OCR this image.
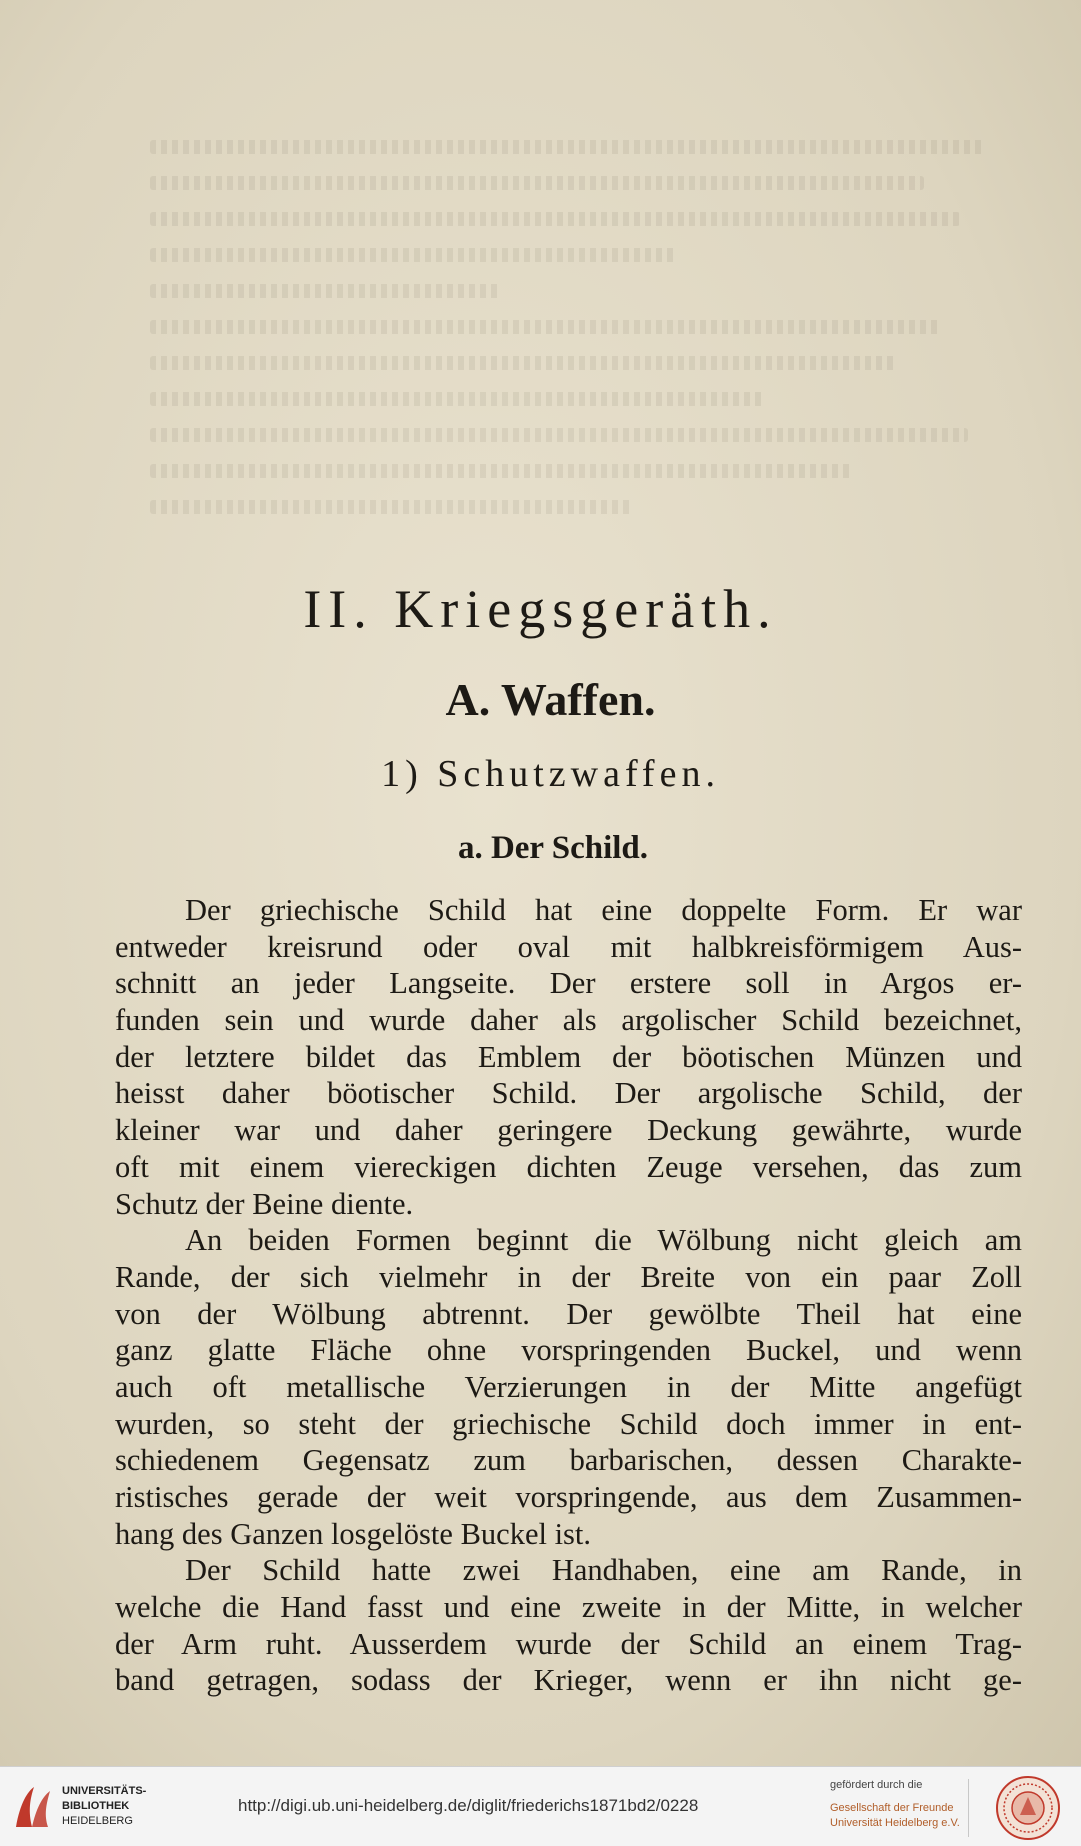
II. Kriegsgeräth.
A. Waffen.
1) Schutzwaffen.
a. Der Schild.
Der griechische Schild hat eine doppelte Form. Er war
entweder kreisrund oder oval mit halbkreisförmigem Aus-
schnitt an jeder Langseite. Der erstere soll in Argos er-
funden sein und wurde daher als argolischer Schild bezeichnet,
der letztere bildet das Emblem der böotischen Münzen und
heisst daher böotischer Schild. Der argolische Schild, der
kleiner war und daher geringere Deckung gewährte, wurde
oft mit einem viereckigen dichten Zeuge versehen, das zum
Schutz der Beine diente.
An beiden Formen beginnt die Wölbung nicht gleich am
Rande, der sich vielmehr in der Breite von ein paar Zoll
von der Wölbung abtrennt. Der gewölbte Theil hat eine
ganz glatte Fläche ohne vorspringenden Buckel, und wenn
auch oft metallische Verzierungen in der Mitte angefügt
wurden, so steht der griechische Schild doch immer in ent-
schiedenem Gegensatz zum barbarischen, dessen Charakte-
ristisches gerade der weit vorspringende, aus dem Zusammen-
hang des Ganzen losgelöste Buckel ist.
Der Schild hatte zwei Handhaben, eine am Rande, in
welche die Hand fasst und eine zweite in der Mitte, in welcher
der Arm ruht. Ausserdem wurde der Schild an einem Trag-
band getragen, sodass der Krieger, wenn er ihn nicht ge-
UNIVERSITÄTS-
BIBLIOTHEK
HEIDELBERG
http://digi.ub.uni-heidelberg.de/diglit/friederichs1871bd2/0228
gefördert durch die
Gesellschaft der Freunde
Universität Heidelberg e.V.
